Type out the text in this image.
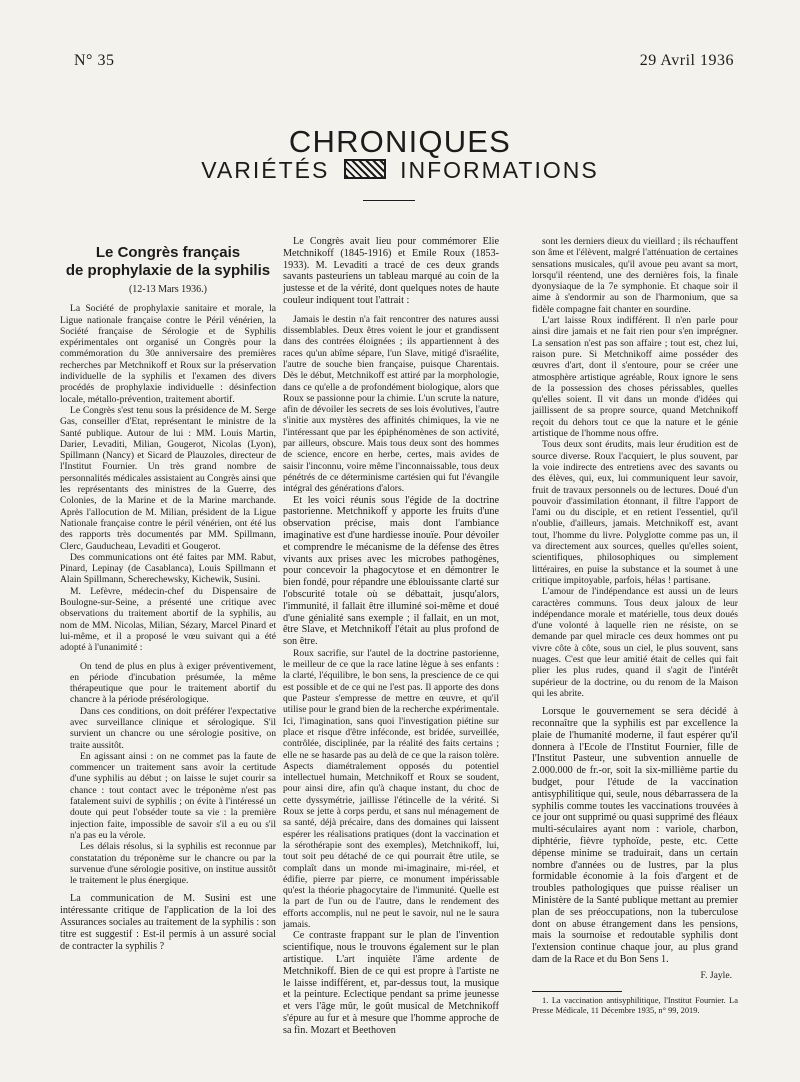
N° 35	29 Avril 1936
CHRONIQUES
VARIÉTÉS	INFORMATIONS
Le Congrès français
de prophylaxie de la syphilis
(12-13 Mars 1936.)

La Société de prophylaxie sanitaire et morale, la Ligue nationale française contre le Péril vénérien, la Société française de Sérologie et de Syphilis expérimentales ont organisé un Congrès pour la commémoration du 30e anniversaire des premières recherches par Metchnikoff et Roux sur la préservation individuelle de la syphilis et l'examen des divers procédés de prophylaxie individuelle : désinfection locale, métallo-prévention, traitement abortif.

Le Congrès s'est tenu sous la présidence de M. Serge Gas, conseiller d'Etat, représentant le ministre de la Santé publique. Autour de lui : MM. Louis Martin, Darier, Levaditi, Milian, Gougerot, Nicolas (Lyon), Spillmann (Nancy) et Sicard de Plauzoles, directeur de l'Institut Fournier. Un très grand nombre de personnalités médicales assistaient au Congrès ainsi que les représentants des ministres de la Guerre, des Colonies, de la Marine et de la Marine marchande. Après l'allocution de M. Milian, président de la Ligue Nationale française contre le péril vénérien, ont été lus des rapports très documentés par MM. Spillmann, Clerc, Gauducheau, Levaditi et Gougerot.

Des communications ont été faites par MM. Rabut, Pinard, Lepinay (de Casablanca), Louis Spillmann et Alain Spillmann, Scherechewsky, Kichewik, Susini.

M. Lefèvre, médecin-chef du Dispensaire de Boulogne-sur-Seine, a présenté une critique avec observations du traitement abortif de la syphilis, au nom de MM. Nicolas, Milian, Sézary, Marcel Pinard et lui-même, et il a proposé le vœu suivant qui a été adopté à l'unanimité :

On tend de plus en plus à exiger préventivement, en période d'incubation présumée, la même thérapeutique que pour le traitement abortif du chancre à la période présérologique.

Dans ces conditions, on doit préférer l'expectative avec surveillance clinique et sérologique. S'il survient un chancre ou une sérologie positive, on traite aussitôt.

En agissant ainsi : on ne commet pas la faute de commencer un traitement sans avoir la certitude d'une syphilis au début ; on laisse le sujet courir sa chance : tout contact avec le tréponème n'est pas fatalement suivi de syphilis ; on évite à l'intéressé un doute qui peut l'obséder toute sa vie : la première injection faite, impossible de savoir s'il a eu ou s'il n'a pas eu la vérole.

Les délais résolus, si la syphilis est reconnue par constatation du tréponème sur le chancre ou par la survenue d'une sérologie positive, on institue aussitôt le traitement le plus énergique.

La communication de M. Susini est une intéressante critique de l'application de la loi des Assurances sociales au traitement de la syphilis : son titre est suggestif : Est-il permis à un assuré social de contracter la syphilis ?

Le Congrès avait lieu pour commémorer Elie Metchnikoff (1845-1916) et Emile Roux (1853-1933). M. Levaditi a tracé de ces deux grands savants pasteuriens un tableau marqué au coin de la justesse et de la vérité, dont quelques notes de haute couleur indiquent tout l'attrait :

Jamais le destin n'a fait rencontrer des natures aussi dissemblables. Deux êtres voient le jour et grandissent dans des contrées éloignées ; ils appartiennent à des races qu'un abîme sépare, l'un Slave, mitigé d'israélite, l'autre de souche bien française, puisque Charentais. Dès le début, Metchnikoff est attiré par la morphologie, dans ce qu'elle a de profondément biologique, alors que Roux se passionne pour la chimie. L'un scrute la nature, afin de dévoiler les secrets de ses lois évolutives, l'autre s'initie aux mystères des affinités chimiques, la vie ne l'intéressant que par les épiphénomènes de son activité, par ailleurs, obscure. Mais tous deux sont des hommes de science, encore en herbe, certes, mais avides de saisir l'inconnu, voire même l'inconnaissable, tous deux pénétrés de ce déterminisme cartésien qui fut l'évangile intégral des générations d'alors.

Et les voici réunis sous l'égide de la doctrine pastorienne. Metchnikoff y apporte les fruits d'une observation précise, mais dont l'ambiance imaginative est d'une hardiesse inouïe. Pour dévoiler et comprendre le mécanisme de la défense des êtres vivants aux prises avec les microbes pathogènes, pour concevoir la phagocytose et en démontrer le bien fondé, pour répandre une éblouissante clarté sur l'obscurité totale où se débattait, jusqu'alors, l'immunité, il fallait être illuminé soi-même et doué d'une génialité sans exemple ; il fallait, en un mot, être Slave, et Metchnikoff l'était au plus profond de son être.

Roux sacrifie, sur l'autel de la doctrine pastorienne, le meilleur de ce que la race latine lègue à ses enfants : la clarté, l'équilibre, le bon sens, la prescience de ce qui est possible et de ce qui ne l'est pas. Il apporte des dons que Pasteur s'empresse de mettre en œuvre, et qu'il utilise pour le grand bien de la recherche expérimentale. Ici, l'imagination, sans quoi l'investigation piétine sur place et risque d'être inféconde, est bridée, surveillée, contrôlée, disciplinée, par la réalité des faits certains ; elle ne se hasarde pas au delà de ce que la raison tolère. Aspects diamétralement opposés du potentiel intellectuel humain, Metchnikoff et Roux se soudent, pour ainsi dire, afin qu'à chaque instant, du choc de cette dyssymétrie, jaillisse l'étincelle de la vérité. Si Roux se jette à corps perdu, et sans nul ménagement de sa santé, déjà précaire, dans des domaines qui laissent espérer les réalisations pratiques (dont la vaccination et la sérothérapie sont des exemples), Metchnikoff, lui, tout soit peu détaché de ce qui pourrait être utile, se complaît dans un monde mi-imaginaire, mi-réel, et édifie, pierre par pierre, ce monument impérissable qu'est la théorie phagocytaire de l'immunité. Quelle est la part de l'un ou de l'autre, dans le rendement des efforts accomplis, nul ne peut le savoir, nul ne le saura jamais.

Ce contraste frappant sur le plan de l'invention scientifique, nous le trouvons également sur le plan artistique. L'art inquiète l'âme ardente de Metchnikoff. Bien de ce qui est propre à l'artiste ne le laisse indifférent, et, par-dessus tout, la musique et la peinture. Eclectique pendant sa prime jeunesse et vers l'âge mûr, le goût musical de Metchnikoff s'épure au fur et à mesure que l'homme approche de sa fin. Mozart et Beethoven

sont les derniers dieux du vieillard ; ils réchauffent son âme et l'élèvent, malgré l'atténuation de certaines sensations musicales, qu'il avoue peu avant sa mort, lorsqu'il réentend, une des dernières fois, la finale dyonysiaque de la 7e symphonie. Et chaque soir il aime à s'endormir au son de l'harmonium, que sa fidèle compagne fait chanter en sourdine.

L'art laisse Roux indifférent. Il n'en parle pour ainsi dire jamais et ne fait rien pour s'en imprégner. La sensation n'est pas son affaire ; tout est, chez lui, raison pure. Si Metchnikoff aime posséder des œuvres d'art, dont il s'entoure, pour se créer une atmosphère artistique agréable, Roux ignore le sens de la possession des choses périssables, quelles qu'elles soient. Il vit dans un monde d'idées qui jaillissent de sa propre source, quand Metchnikoff reçoit du dehors tout ce que la nature et le génie artistique de l'homme nous offre.

Tous deux sont érudits, mais leur érudition est de source diverse. Roux l'acquiert, le plus souvent, par la voie indirecte des entretiens avec des savants ou des élèves, qui, eux, lui communiquent leur savoir, fruit de travaux personnels ou de lectures. Doué d'un pouvoir d'assimilation étonnant, il filtre l'apport de l'ami ou du disciple, et en retient l'essentiel, qu'il n'oublie, d'ailleurs, jamais. Metchnikoff est, avant tout, l'homme du livre. Polyglotte comme pas un, il va directement aux sources, quelles qu'elles soient, scientifiques, philosophiques ou simplement littéraires, en puise la substance et la soumet à une critique impitoyable, parfois, hélas ! partisane.

L'amour de l'indépendance est aussi un de leurs caractères communs. Tous deux jaloux de leur indépendance morale et matérielle, tous deux doués d'une volonté à laquelle rien ne résiste, on se demande par quel miracle ces deux hommes ont pu vivre côte à côte, sous un ciel, le plus souvent, sans nuages. C'est que leur amitié était de celles qui fait plier les plus rudes, quand il s'agit de l'intérêt supérieur de la doctrine, ou du renom de la Maison qui les abrite.

Lorsque le gouvernement se sera décidé à reconnaître que la syphilis est par excellence la plaie de l'humanité moderne, il faut espérer qu'il donnera à l'Ecole de l'Institut Fournier, fille de l'Institut Pasteur, une subvention annuelle de 2.000.000 de fr.-or, soit la six-millième partie du budget, pour l'étude de la vaccination antisyphilitique qui, seule, nous débarrassera de la syphilis comme toutes les vaccinations trouvées à ce jour ont supprimé ou quasi supprimé des fléaux multi-séculaires ayant nom : variole, charbon, diphtérie, fièvre typhoïde, peste, etc. Cette dépense minime se traduirait, dans un certain nombre d'années ou de lustres, par la plus formidable économie à la fois d'argent et de troubles pathologiques que puisse réaliser un Ministère de la Santé publique mettant au premier plan de ses préoccupations, non la tuberculose dont on abuse étrangement dans les pensions, mais la sournoise et redoutable syphilis dont l'extension continue chaque jour, au plus grand dam de la Race et du Bon Sens 1.

F. Jayle.

1. La vaccination antisyphilitique, l'Institut Fournier. La Presse Médicale, 11 Décembre 1935, n° 99, 2019.
